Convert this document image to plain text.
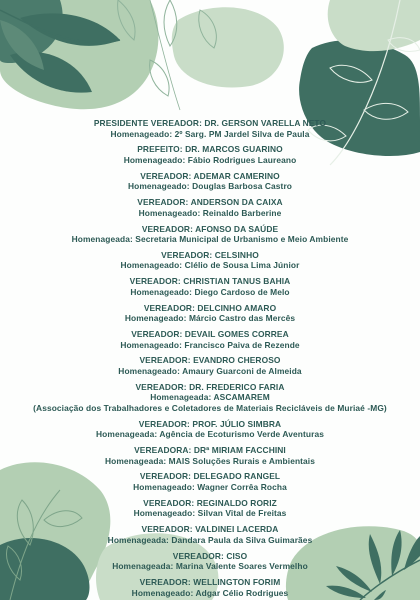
PRESIDENTE VEREADOR: DR. GERSON VARELLA NETO
Homenageado: 2º Sarg. PM Jardel Silva de Paula
PREFEITO: DR. MARCOS GUARINO
Homenageado: Fábio Rodrigues Laureano
VEREADOR: ADEMAR CAMERINO
Homenageado: Douglas Barbosa Castro
VEREADOR: ANDERSON DA CAIXA
Homenageado: Reinaldo Barberine
VEREADOR: AFONSO DA SAÚDE
Homenageada: Secretaria Municipal de Urbanismo e Meio Ambiente
VEREADOR: CELSINHO
Homenageado: Clélio de Sousa Lima Júnior
VEREADOR: CHRISTIAN TANUS BAHIA
Homenageado: Diego Cardoso de Melo
VEREADOR: DELCINHO AMARO
Homenageado: Márcio Castro das Mercês
VEREADOR: DEVAIL GOMES CORREA
Homenageado: Francisco Paiva de Rezende
VEREADOR: EVANDRO CHEROSO
Homenageado: Amaury Guarconi de Almeida
VEREADOR: DR. FREDERICO FARIA
Homenageada: ASCAMAREM
(Associação dos Trabalhadores e Coletadores de Materiais Recicláveis de Muriaé -MG)
VEREADOR: PROF. JÚLIO SIMBRA
Homenageada: Agência de Ecoturismo Verde Aventuras
VEREADORA: DRª MIRIAM FACCHINI
Homenageada: MAIS Soluções Rurais e Ambientais
VEREADOR: DELEGADO RANGEL
Homenageado: Wagner Corrêa Rocha
VEREADOR: REGINALDO RORIZ
Homenageado: Silvan Vital de Freitas
VEREADOR: VALDINEI LACERDA
Homenageada: Dandara Paula da Silva Guimarães
VEREADOR: CISO
Homenageada: Marina Valente Soares Vermelho
VEREADOR: WELLINGTON FORIM
Homenageado: Adgar Célio Rodrigues
